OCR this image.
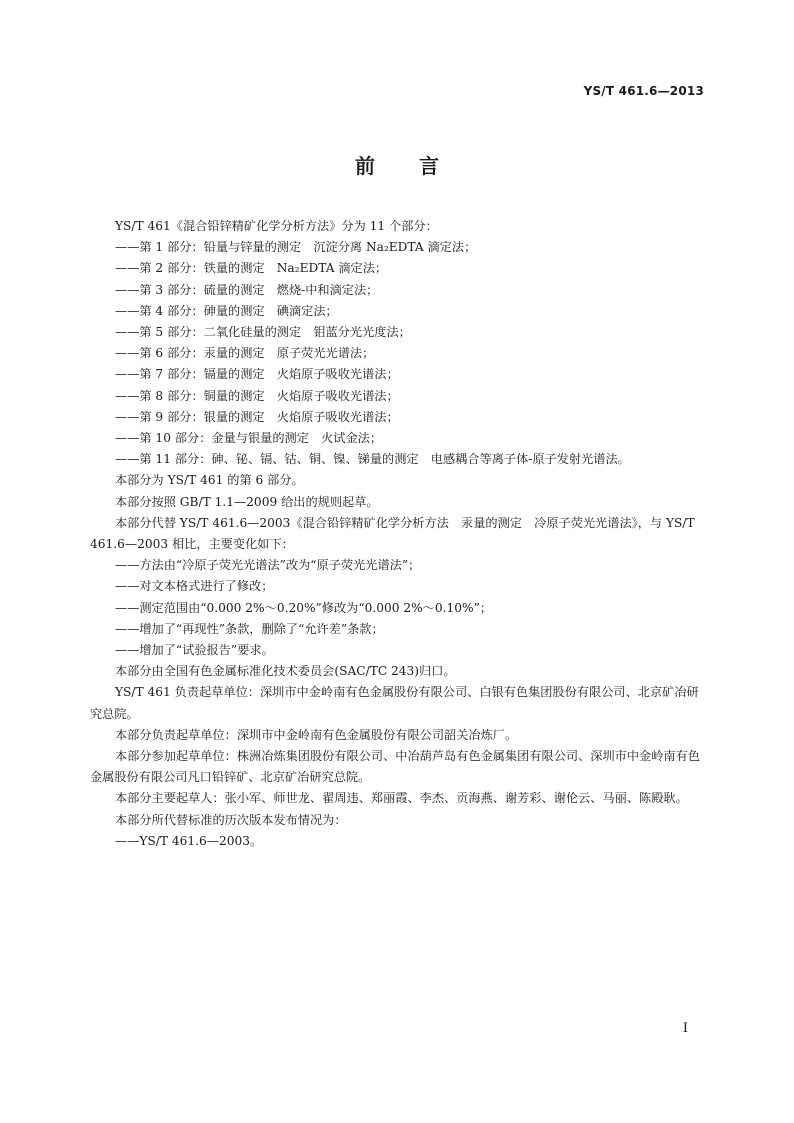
YS/T 461.6—2013
前言

YS/T 461《混合铅锌精矿化学分析方法》分为 11 个部分：

——第 1 部分：铅量与锌量的测定　沉淀分离 Na₂EDTA 滴定法；

——第 2 部分：铁量的测定　Na₂EDTA 滴定法；

——第 3 部分：硫量的测定　燃烧-中和滴定法；

——第 4 部分：砷量的测定　碘滴定法；

——第 5 部分：二氧化硅量的测定　钼蓝分光光度法；

——第 6 部分：汞量的测定　原子荧光光谱法；

——第 7 部分：镉量的测定　火焰原子吸收光谱法；

——第 8 部分：铜量的测定　火焰原子吸收光谱法；

——第 9 部分：银量的测定　火焰原子吸收光谱法；

——第 10 部分：金量与银量的测定　火试金法；

——第 11 部分：砷、铋、镉、钴、铜、镍、锑量的测定　电感耦合等离子体-原子发射光谱法。

本部分为 YS/T 461 的第 6 部分。

本部分按照 GB/T 1.1—2009 给出的规则起草。

本部分代替 YS/T 461.6—2003《混合铅锌精矿化学分析方法　汞量的测定　冷原子荧光光谱法》，与 YS/T 461.6—2003 相比，主要变化如下：

——方法由“冷原子荧光光谱法”改为“原子荧光光谱法”；

——对文本格式进行了修改；

——测定范围由“0.000 2%～0.20%”修改为“0.000 2%～0.10%”；

——增加了“再现性”条款，删除了“允许差”条款；

——增加了“试验报告”要求。

本部分由全国有色金属标准化技术委员会(SAC/TC 243)归口。

YS/T 461 负责起草单位：深圳市中金岭南有色金属股份有限公司、白银有色集团股份有限公司、北京矿冶研究总院。

本部分负责起草单位：深圳市中金岭南有色金属股份有限公司韶关冶炼厂。

本部分参加起草单位：株洲冶炼集团股份有限公司、中冶葫芦岛有色金属集团有限公司、深圳市中金岭南有色金属股份有限公司凡口铅锌矿、北京矿冶研究总院。

本部分主要起草人：张小军、师世龙、翟周违、郑丽霞、李杰、贡海燕、谢芳彩、谢伦云、马丽、陈殿耿。

本部分所代替标准的历次版本发布情况为：

——YS/T 461.6—2003。

I
